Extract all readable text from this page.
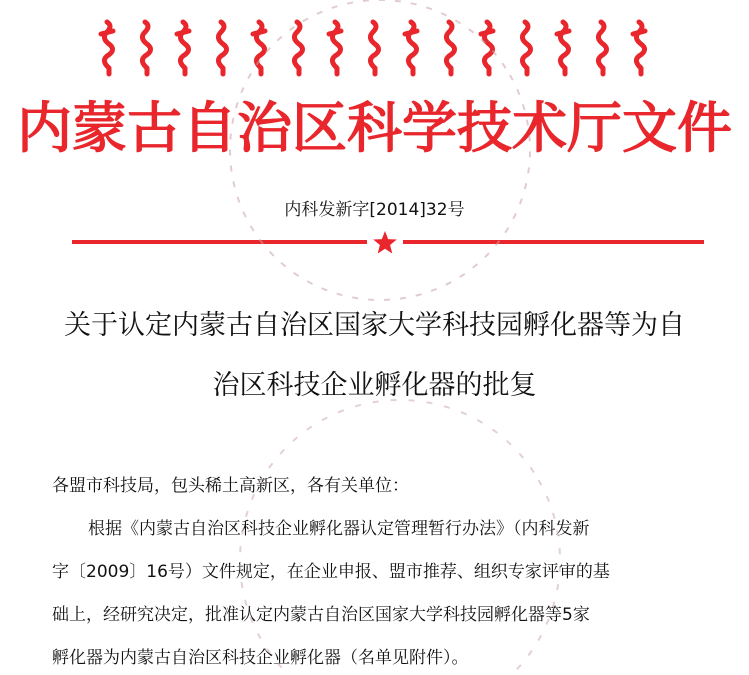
内蒙古自治区科学技术厅文件
内科发新字[2014]32号
关于认定内蒙古自治区国家大学科技园孵化器等为自
治区科技企业孵化器的批复
各盟市科技局，包头稀土高新区，各有关单位：
根据《内蒙古自治区科技企业孵化器认定管理暂行办法》（内科发新
字〔2009〕16号）文件规定，在企业申报、盟市推荐、组织专家评审的基
础上，经研究决定，批准认定内蒙古自治区国家大学科技园孵化器等5家
孵化器为内蒙古自治区科技企业孵化器（名单见附件）。
